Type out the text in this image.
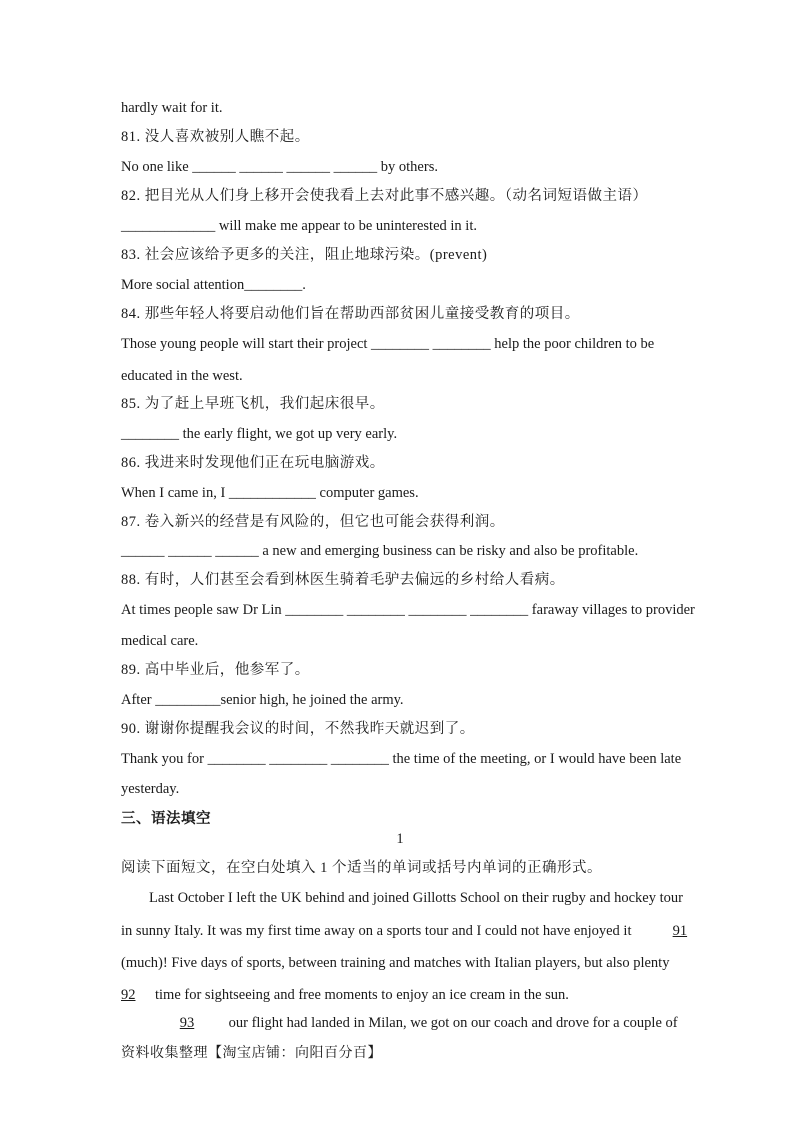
hardly wait for it.
81. 没人喜欢被别人瞧不起。
No one like ______ ______ ______ ______ by others.
82. 把目光从人们身上移开会使我看上去对此事不感兴趣。（动名词短语做主语）
_____________ will make me appear to be uninterested in it.
83. 社会应该给予更多的关注，阻止地球污染。(prevent)
More social attention________.
84. 那些年轻人将要启动他们旨在帮助西部贫困儿童接受教育的项目。
Those young people will start their project ________ ________ help the poor children to be
educated in the west.
85. 为了赶上早班飞机，我们起床很早。
________ the early flight, we got up very early.
86. 我进来时发现他们正在玩电脑游戏。
When I came in, I ____________ computer games.
87. 卷入新兴的经营是有风险的，但它也可能会获得利润。
______ ______ ______ a new and emerging business can be risky and also be profitable.
88. 有时，人们甚至会看到林医生骑着毛驴去偏远的乡村给人看病。
At times people saw Dr Lin ________ ________ ________ ________ faraway villages to provider
medical care.
89. 高中毕业后，他参军了。
After _________senior high, he joined the army.
90. 谢谢你提醒我会议的时间，不然我昨天就迟到了。
Thank you for ________ ________ ________ the time of the meeting, or I would have been late
yesterday.
三、语法填空
1
阅读下面短文，在空白处填入 1 个适当的单词或括号内单词的正确形式。
Last October I left the UK behind and joined Gillotts School on their rugby and hockey tour
in sunny Italy. It was my first time away on a sports tour and I could not have enjoyed it	91
(much)! Five days of sports, between training and matches with Italian players, but also plenty
92 time for sightseeing and free moments to enjoy an ice cream in the sun.
93 our flight had landed in Milan, we got on our coach and drove for a couple of
资料收集整理【淘宝店铺：向阳百分百】
